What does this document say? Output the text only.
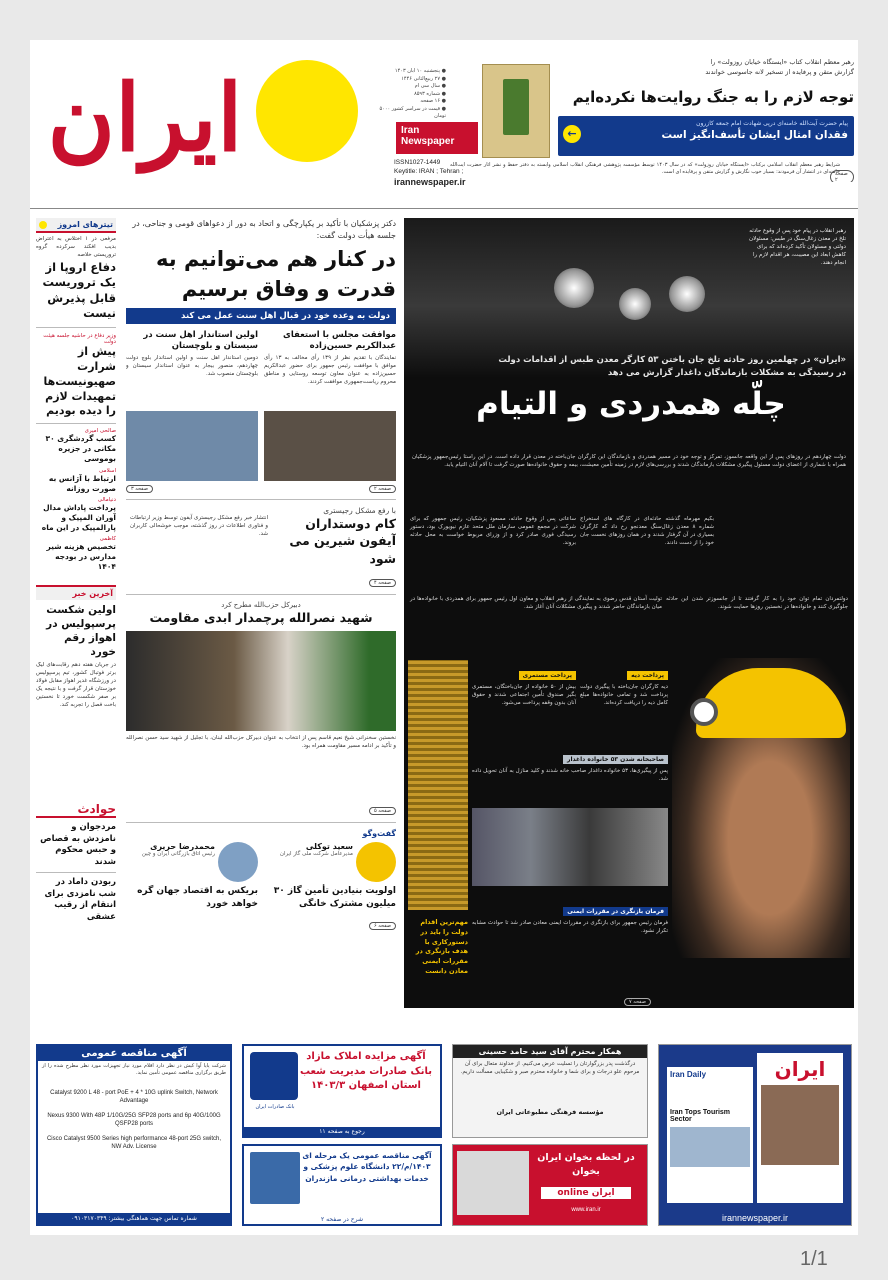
ایران	● پنجشنبه ۱۰ آبان ۱۴۰۳
● ۲۷ ربیع‌الثانی ۱۴۴۶
● سال سی ام
● شماره ۸۵۹۳
● ۱۶ صفحه
● قیمت در سراسر کشور ۵۰۰۰ تومان
Iran Newspaper
ISSN1027-1449
Keytitle: IRAN ; Tehran ;
irannewspaper.ir
رهبر معظم انقلاب کتاب «ایستگاه خیابان روزولت» را
گزارش متقن و پرفایده از تسخیر لانه جاسوسی خواندند
توجه لازم را به جنگ روایت‌ها نکرده‌ایم
پیام حضرت آیت‌الله خامنه‌ای درپی شهادت امام جمعه کازرون
فقدان امثال ایشان تأسف‌انگیز است
←
شرایط رهبر معظم انقلاب اسلامی برکتاب «ایستگاه خیابان روزولت» که در سال ۱۴۰۳ توسط مؤسسه پژوهشی فرهنگی انقلاب اسلامی وابسته به دفتر حفظ و نشر آثار حضرت آیت‌الله خامنه‌ای در انتشار آن فرمودند: بسیار خوب نگارش و گزارش متقن و پرفایده ای است.
صفحه ۲
تیترهای امروز
مرفعی در ۱ اختلاس به اعتراض بدیب افکند سرکرده گروه تروریستی خلاصه
دفاع اروپا از یک تروریست قابل پذیرش نیست
وزیر دفاع در حاشیه جلسه هیئت دولت
پیش از شرارت صهیونیست‌ها تمهیدات لازم را دیده بودیم
صالحی امیری
کسب گردشگری ۳۰ مکانی در جزیره بوموسی
اسلامی
ارتباط با آژانس به صورت روزانه
دنیامالی
پرداخت پاداش مدال آوران المپیک و پارالمپیک در این ماه
کاظمی
تخصیص هزینه شیر مدارس در بودجه ۱۴۰۴
آخرین خبر
اولین شکست پرسپولیس در اهواز رقم خورد
در جریان هفته دهم رقابت‌های لیگ برتر فوتبال کشور، تیم پرسپولیس در ورزشگاه غدیر اهواز مقابل فولاد خوزستان قرار گرفت و با نتیجه یک بر صفر شکست خورد تا نخستین باخت فصل را تجربه کند.
حوادث
مردجوان و نامزدش به قصاص و حبس محکوم شدند
ربودن داماد در شب نامزدی برای انتقام از رقیب عشقی
دکتر پزشکیان با تأکید بر یکپارچگی و اتحاد به دور از دعواهای قومی و جناحی، در جلسه هیأت دولت گفت:
در کنار هم می‌توانیم به قدرت و وفاق برسیم
دولت به وعده خود در قبال اهل سنت عمل می کند
موافقت مجلس با استعفای عبدالکریم حسین‌زاده
نمایندگان با تقدیم نظر از ۱۳۹ رأی مخالف به ۱۳ رأی موافق با موافقت رئیس جمهور برای حضور عبدالکریم حسین‌زاده به عنوان معاون توسعه روستایی و مناطق محروم ریاست‌جمهوری موافقت کردند.
اولین استاندار اهل سنت در سیستان و بلوچستان
دومین استاندار اهل سنت و اولین استاندار بلوچ دولت چهاردهم، منصور بیجار به عنوان استاندار سیستان و بلوچستان منصوب شد.
صفحه ۲
صفحه ۳
با رفع مشکل رجیستری
کام دوستداران آیفون شیرین می شود
انتشار خبر رفع مشکل رجیستری آیفون توسط وزیر ارتباطات و فناوری اطلاعات در روز گذشته، موجب خوشحالی کاربران شد.
صفحه ۴
دبیرکل حزب‌الله مطرح کرد
شهید نصرالله پرچمدار ابدی مقاومت
نخستین سخنرانی شیخ نعیم قاسم پس از انتخاب به عنوان دبیرکل حزب‌الله لبنان، با تجلیل از شهید سید حسن نصرالله و تأکید بر ادامه مسیر مقاومت همراه بود.
صفحه ۵
گفت‌وگو
سعید توکلی
مدیرعامل شرکت ملی گاز ایران
اولویت بنیادین تأمین گاز ۳۰ میلیون مشترک خانگی
محمدرضا حریری
رئیس اتاق بازرگانی ایران و چین
بریکس به اقتصاد جهان گره خواهد خورد
صفحه ۶
رهبر انقلاب در پیام خود پس از وقوع حادثه تلخ در معدن زغال‌سنگ در طبس: مسئولان دولتی و مسئولان تأکید کرده‌اند که برای کاهش ابعاد این مصیبت، هر اقدام لازم را انجام دهند.
«ایران» در چهلمین روز حادثه تلخ جان باختن ۵۳ کارگر معدن طبس از اقدامات دولت
در رسیدگی به مشکلات بازماندگان داغدار گزارش می دهد
چلّه همدردی و التیام
دولت چهاردهم در روزهای پس از این واقعه جانسوز، تمرکز و توجه خود در مسیر همدردی و بازماندگان این کارگران جان‌باخته در معدن قرار داده است. در این راستا رئیس‌جمهور پزشکیان همراه با شماری از اعضای دولت مسئول پیگیری مشکلات بازماندگان شدند و بررسی‌های لازم در زمینه تأمین معیشت، بیمه و حقوق خانواده‌ها صورت گرفت تا آلام آنان التیام یابد.
ساعاتی پس از وقوع حادثه، مسعود پزشکیان، رئیس جمهور که برای شرکت در مجمع عمومی سازمان ملل متحد عازم نیویورک بود، دستور رسیدگی فوری صادر کرد و از وزرای مربوط خواست به محل حادثه بروند.
بکیم مهرماه گذشته حادثه‌ای در کارگاه های استخراج شماره ۸ معدن زغال‌سنگ معدنجو رخ داد که کارگران بسیاری در آن گرفتار شدند و در همان روزهای نخست جان خود را از دست دادند.
تولیت آستان قدس رضوی به نمایندگی از رهبر انقلاب و معاون اول رئیس جمهور برای همدردی با خانواده‌ها در میان بازماندگان حاضر شدند و پیگیری مشکلات آنان آغاز شد.
دولتمردان تمام توان خود را به کار گرفتند تا از جانسوزتر شدن این حادثه جلوگیری کنند و خانواده‌ها در نخستین روزها حمایت شوند.
پرداخت مستمری
بیش از ۵۰ خانواده از جان‌باختگان، مستمری بگیر صندوق تأمین اجتماعی شدند و حقوق آنان بدون وقفه پرداخت می‌شود.
پرداخت دیه
دیه کارگران جان‌باخته با پیگیری دولت پرداخت شد و تمامی خانواده‌ها مبلغ کامل دیه را دریافت کرده‌اند.
صاحبخانه شدن ۵۳ خانواده داغدار
پس از پیگیری‌ها، ۵۳ خانواده داغدار صاحب خانه شدند و کلید منازل به آنان تحویل داده شد.
فرمان بازنگری در مقررات ایمنی
فرمان رئیس جمهور برای بازنگری در مقررات ایمنی معادن صادر شد تا حوادث مشابه تکرار نشود.
مهم‌ترین اقدام دولت را باید در دستورکاری با هدف بازنگری در مقررات ایمنی معادن دانست
صفحه ۷
آگهی مناقصه عمومی
شرکت پایا آوا کیش در نظر دارد اقلام مورد نیاز تجهیزات مورد نظر مطرح شده را از طریق برگزاری مناقصه عمومی تأمین نماید.
Catalyst 9200 L 48 - port PoE + 4 * 10G uplink Switch, Network Advantage
Nexus 9300 With 48P 1/10G/25G SFP28 ports and 6p 40G/100G QSFP28 ports
Cisco Catalyst 9500 Series high performance 48-port 25G switch, NW Adv. License
شماره تماس جهت هماهنگی بیشتر: ۰۹۱۰۳۱۷۰۳۴۹
بانک صادرات ایران
آگهی مزایده املاک مازاد بانک صادرات مدیریت شعب استان اصفهان ۱۴۰۳/۳
رجوع به صفحه ۱۱
همکار محترم آقای سید حامد حسینی
درگذشت پدر بزرگوارتان را تسلیت عرض می‌کنیم. از خداوند متعال برای آن مرحوم علو درجات و برای شما و خانواده محترم صبر و شکیبایی مسألت داریم.
مؤسسه فرهنگی مطبوعاتی ایران
ایران
Iran Daily
Iran Tops Tourism Sector
irannewspaper.ir
آگهی مناقصه عمومی یک مرحله ای ۱۴۰۳/م/۲۲ دانشگاه علوم پزشکی و خدمات بهداشتی درمانی مازندران
شرح در صفحه ۲
در لحظه بخوان ایران بخوان
ایران online
www.iran.ir
1/1
